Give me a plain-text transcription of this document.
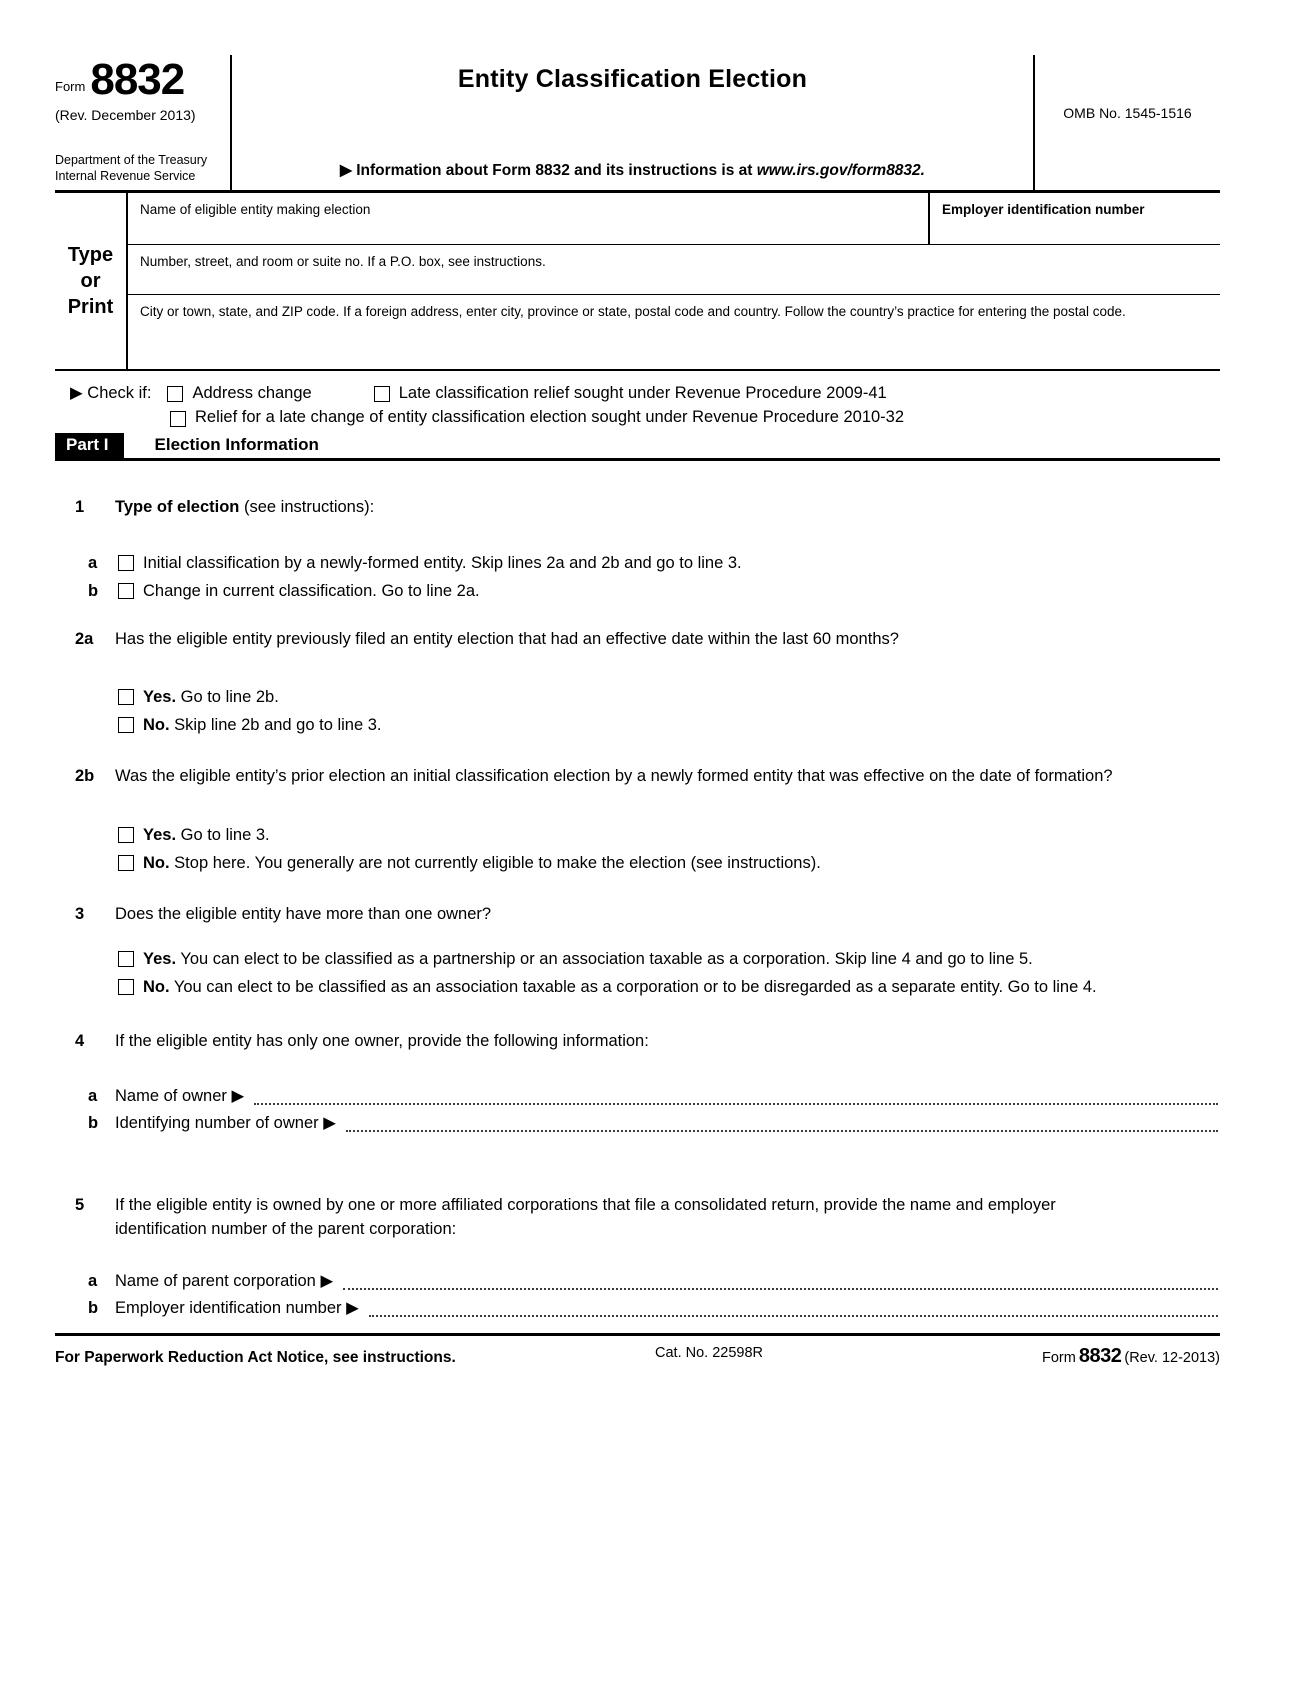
Form 8832
(Rev. December 2013)
Department of the Treasury
Internal Revenue Service
Entity Classification Election
▶ Information about Form 8832 and its instructions is at www.irs.gov/form8832.
OMB No. 1545-1516
Type
or
Print
Name of eligible entity making election	Employer identification number
Number, street, and room or suite no. If a P.O. box, see instructions.
City or town, state, and ZIP code. If a foreign address, enter city, province or state, postal code and country. Follow the country’s practice for entering the postal code.
▶ Check if: Address change	Late classification relief sought under Revenue Procedure 2009-41
Relief for a late change of entity classification election sought under Revenue Procedure 2010-32
Part I	Election Information
1	Type of election (see instructions):
a	Initial classification by a newly-formed entity. Skip lines 2a and 2b and go to line 3.
b	Change in current classification. Go to line 2a.
2a	Has the eligible entity previously filed an entity election that had an effective date within the last 60 months?
Yes. Go to line 2b.
No. Skip line 2b and go to line 3.
2b	Was the eligible entity’s prior election an initial classification election by a newly formed entity that was effective on the date of formation?
Yes. Go to line 3.
No. Stop here. You generally are not currently eligible to make the election (see instructions).
3	Does the eligible entity have more than one owner?
Yes. You can elect to be classified as a partnership or an association taxable as a corporation. Skip line 4 and go to line 5.
No. You can elect to be classified as an association taxable as a corporation or to be disregarded as a separate entity. Go to line 4.
4	If the eligible entity has only one owner, provide the following information:
a	Name of owner ▶
b	Identifying number of owner ▶
5	If the eligible entity is owned by one or more affiliated corporations that file a consolidated return, provide the name and employer identification number of the parent corporation:
a	Name of parent corporation ▶
b	Employer identification number ▶
For Paperwork Reduction Act Notice, see instructions.	Cat. No. 22598R	Form 8832 (Rev. 12-2013)
